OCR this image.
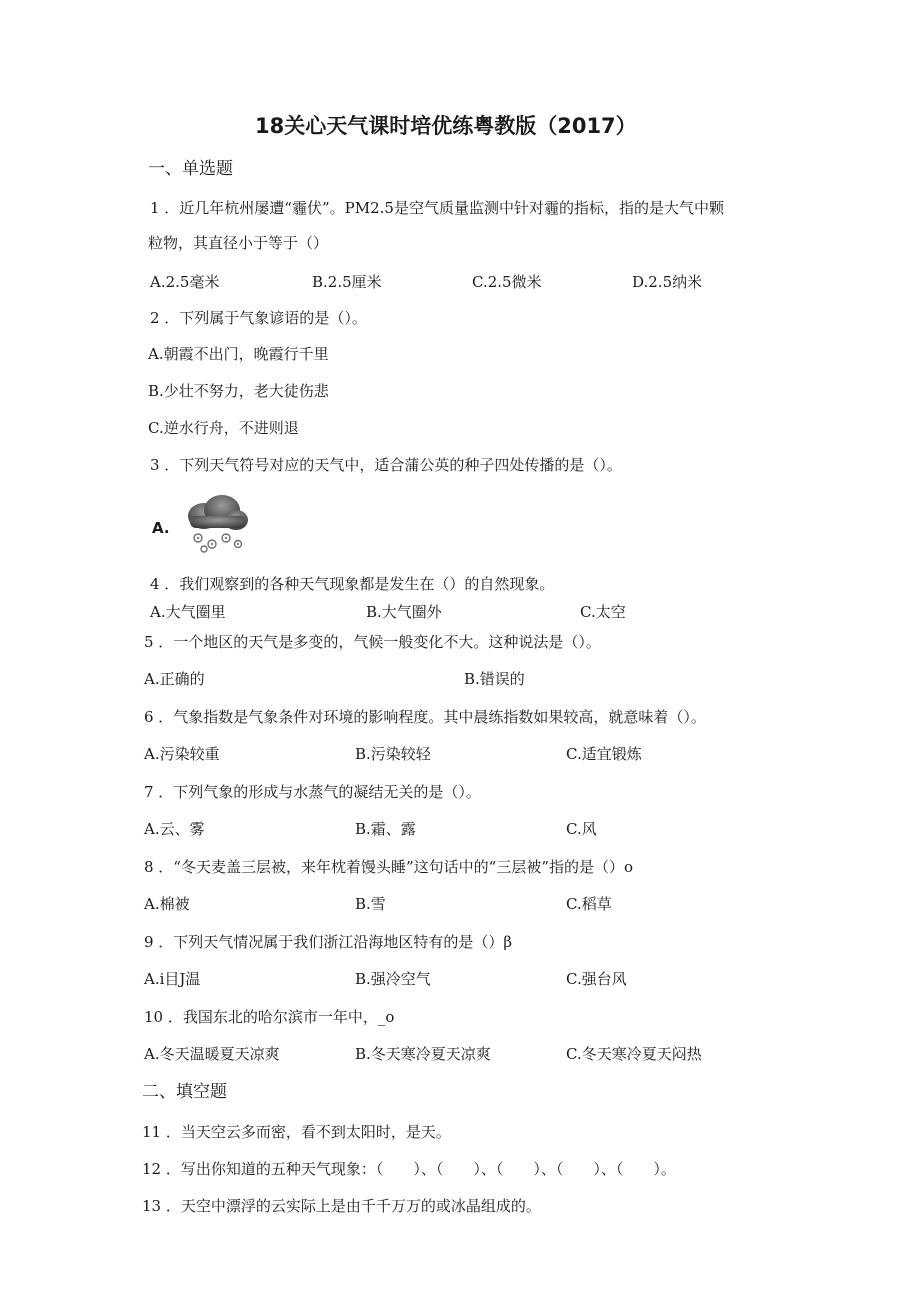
18关心天气课时培优练粤教版（2017）
一、单选题
1 ．近几年杭州屡遭“霾伏”。PM2.5是空气质量监测中针对霾的指标，指的是大气中颗
粒物，其直径小于等于（）
A.2.5毫米	B.2.5厘米	C.2.5微米	D.2.5纳米
2 ．下列属于气象谚语的是（）。
A.朝霞不出门，晚霞行千里
B.少壮不努力，老大徒伤悲
C.逆水行舟，不进则退
3 ．下列天气符号对应的天气中，适合蒲公英的种子四处传播的是（）。
A.
4 ．我们观察到的各种天气现象都是发生在（）的自然现象。
A.大气圈里	B.大气圈外	C.太空
5 ．一个地区的天气是多变的，气候一般变化不大。这种说法是（）。
A.正确的	B.错误的
6 ．气象指数是气象条件对环境的影响程度。其中晨练指数如果较高，就意味着（）。
A.污染较重	B.污染较轻	C.适宜锻炼
7 ．下列气象的形成与水蒸气的凝结无关的是（）。
A.云、雾	B.霜、露	C.风
8 ．“冬天麦盖三层被，来年枕着馒头睡”这句话中的“三层被”指的是（）o
A.棉被	B.雪	C.稻草
9 ．下列天气情况属于我们浙江沿海地区特有的是（）β
A.i目J温	B.强冷空气	C.强台风
10 ．我国东北的哈尔滨市一年中，_o
A.冬天温暖夏天凉爽	B.冬天寒冷夏天凉爽	C.冬天寒冷夏天闷热
二、填空题
11 ．当天空云多而密，看不到太阳时，是天。
12 ．写出你知道的五种天气现象：（　　）、（　　）、（　　）、（　　）、（　　）。
13 ．天空中漂浮的云实际上是由千千万万的或冰晶组成的。
